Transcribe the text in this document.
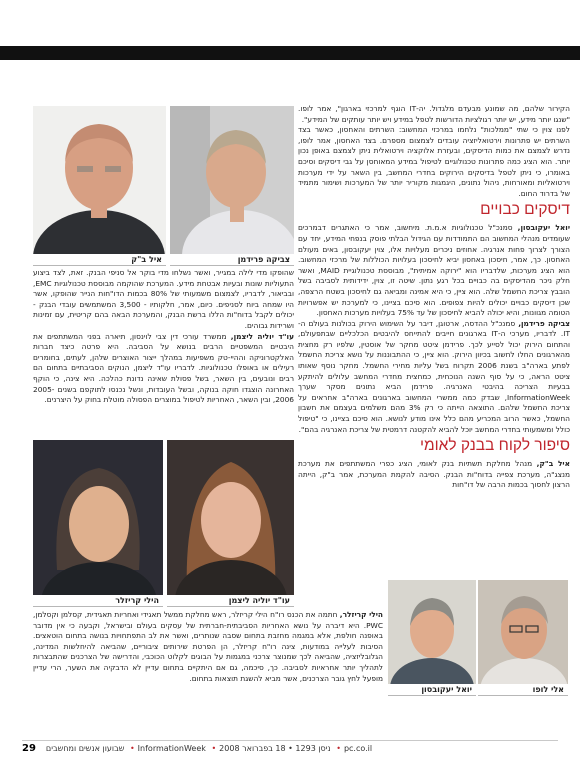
צביקה פרידמן
איל ב"ק
עו"ד יוליה ליצמן
הילי קריזלר
יואל יעקובסון	אלי לופו

הקירור שלהם, מה שמונע מבעדם מלגדול. יה-IT הוגף למרכזי בארגון", אמר לופו. "שנגו יותר מידע, יש יותר רגולציות הדורשות לטפל במידע ויש יותר עותקים של המידע".

לפנו צוין כי שתי "ממלכות" נלחמו במרכזי המחשוב: השרתים והאחסון, כאשר בצד השרתים יש פתרונות וירטואליזציה עובדים לצמצום מספרם. בצד האחסון, אמר לופו, נדרש לצמצם את כמות הדיסקים, ובעזרת אלוקציה וירטואלית ניתן לצמצם באופן נכון יותר. הוא הציג כמה פתרונות טכנולוגיים לטיפול במידע המאוחסן על גבי דיסקים וסיכם באומרו, כי ניתן לטפל בדיסקים הירוקים בחדרי המחשב, בין השאר על ידי מערכות וירטואליות ומאורחות, ניהול נתונים, היגמגות מקוריר יותר של המערכות ושימור מתמיד של בדרוד החום.

דיסקים כבויים

יואל יעקובסון, סמנכ"ל טכנולוגיות א.מ.ת. מיחשוב, אמר כי האתגרים דבמרכים שעומדים מנהלי המחשוב הם התמודדות עם הגידול הבלתי פוסק בנפחי המידע, יחד עם הצורך לצרוך פחות אנרגיה. אחוזים ניכרים מעלויות אלו, צוין יעקובסון, באים מעולם האחסון. כך, אמר, חיסכון באחסון יביא לחיסכון בעלויות הכוללות של מרכזי המחשוב. הוא הציג מערכות, שלדבריו הוא "ירוקה אמיתית", מבוססת טכנולוגיית MAID, ואשר חלק ניכר מהדיסקים בה כבויים בכל רגע נתון. שיטה זו, צוין, ידידותית לסביבה בשל הובבץ צריכת החשמל שלה. הוא ציין, כי היא אמינה ומביאה גם לחיסכון בשטח הרצפה, שכן דיסקים כבויים יכולים להיות צפופים. הוא סיכם בציינו, כי למערכת יש אפשרויות הטומה מגוונות, והיא יכולה להביא לחיסכון של עד 75% בעלויות מערכות האחסון.

צביקה פרידמן, סמנכ"ל ההדסה, ארטוגן, דיבר על השימוש הירוק בכולנות בעולם ה-IT. לדבריו, מערכי ה-IT בארגונים חייבים להתייחס להיבטים הכלכליים שבתפעולם, והתחום הירוק יכול לסייע לכך. פרידמן ציטט מחקר של אוסטין, שלפיו רק מחצית מהארגונים החלו לחשוב בכיוון הירוק. הוא ציין, כי ההתבוננות על נושא צריכת החשמל לפתע בארה"ב בשנת 2006 תקרוח בשל עליות מחירי החשמל. מחקר נוסף שאותו ציטט הראה, כי על סוף השנה הנוכחית, כמחצית מחדרי המחשב עלולים להיתקע בבעיות הצריכה בהיבטי האנרגיה. פרידמן הביא נתונים מסקר שערך InformationWeek, שבדק כמה ממשרי המחשוב בארגונים בארה"ב אחראים על צריכת החשמל שלהם. התוצאה הייתה כי רק 3% מהם משלמים בעצמם את חשבון החשמל, כאשר הרוב המכריע מהם כלל אינו מודע לנושא. הוא סיכם בציינו, כי "טיפול כולל ומשמעותי בחדרי המחשב יוכל להביא להקטנה דרמטית של צריכת האנרגיה בהם".

סיפור לקוח בבנק לאומי

איל ב"ק, מנהל מחלקת תשתיות בנק לאומי, הציג כפרי המשתתפים את מערכת מנצג"ה, מערכת צפייה בדוח"ות הבנק. הסיבה להקמת המערכת, אמר ב"ק, הייתה הרצון לחסוך בכמות הרבה של דו"חות

שהופקו מדי לילה במגייר, ואשר נשלחו מדי בוקר אל סניפי הבנק. זאת, לצד ביצוע התעוליות שונות ובעיות אבטחת מידע. המערכת שהוקמה מבוססת טכנולוגיות EMC, ובביאור, לדבריו, לצמצום משמעותי של 80% בכמות הדו"חות הנייר שהופקו, אשר היו שמחה ביוח לסניפים. כיום, אמר, חלקותיו - 3,500 המשתמשים עובדי הבנק - יכולים לקבל בדוח"ות הללו ברשת הבנק, והמערכת הבאה בהם קריטית, עם זמינות ושרידות גבוהים.

עו"ד יוליה ליצמן, ממשרד עורכי דין צבי לוינסון, תיארה בפני המשתתפים את היבטיים המשפטיים הרבים בנושא על הסביבה. היא פרטה כיצד חברות האלקטרוניקה וההיי-טק משפיעות במהלך ייצור האוצרים שלהן, לעתים, בחומרים רעילים או באופלו טכנולוגיות. לדבריו עו"ד ליצמן, הנוקים הסביבתיים בתחום הם רבים ונובעים, בין השאר, בשל פסולת שאינה נדונת כהלכה. היא צינה, כי הוקף האחרונה הוצגדו חוקה בנוקה, ובשל העובדות, ונשל נכנסו לתוקפם בשנים 2005-2006, ובין השאר, האחריות לטיפול במוצרים הפסולה מוטלת בחוק על היצרנים.

הילי קריזלר, חתמה את הכנס רו"ח הילי קריזלר, ראש מחלקת ממשל תאגידי ואחריות תאגידית, קסלמן וקסלמן, PWC. היא דיברה על נושא האחריות הסביבתית-חברתית של עסקים בעולם ובישראל, וקבעה כי אין מדובר באופנה חולפת, אלא במגמה מחזבת בתחום שסבה שנותרים, ואשר את לב התפתחויות בנושה בתחום הוטאצים. הסיבות לעלייה במודעות, צינה רו"ח קריזלר, הן הפרטת שירותים ציבוריים, שהביאה להיחלשות המדינה, הגלובליזציה, שהביאה לכך שמנוצר צרכני במגמות על הבוגים לקלוט הכוכבי, והדרישה של הצרכנים שהתבצרות לתהליך יותר אחראיות לסביבה. כך, סיכמה, גם אם היתקיים בתחום עדיין לא הדבקיה את השער, הרי עדיין מופעל לחץ גובר הצרכנים, אשר מביא להשגת תוצאות בתחום.

29	pc.co.il• ניסן 1293 • 18 בפברואר 2008• InformationWeek• שבועון אנשים ומחשבים
